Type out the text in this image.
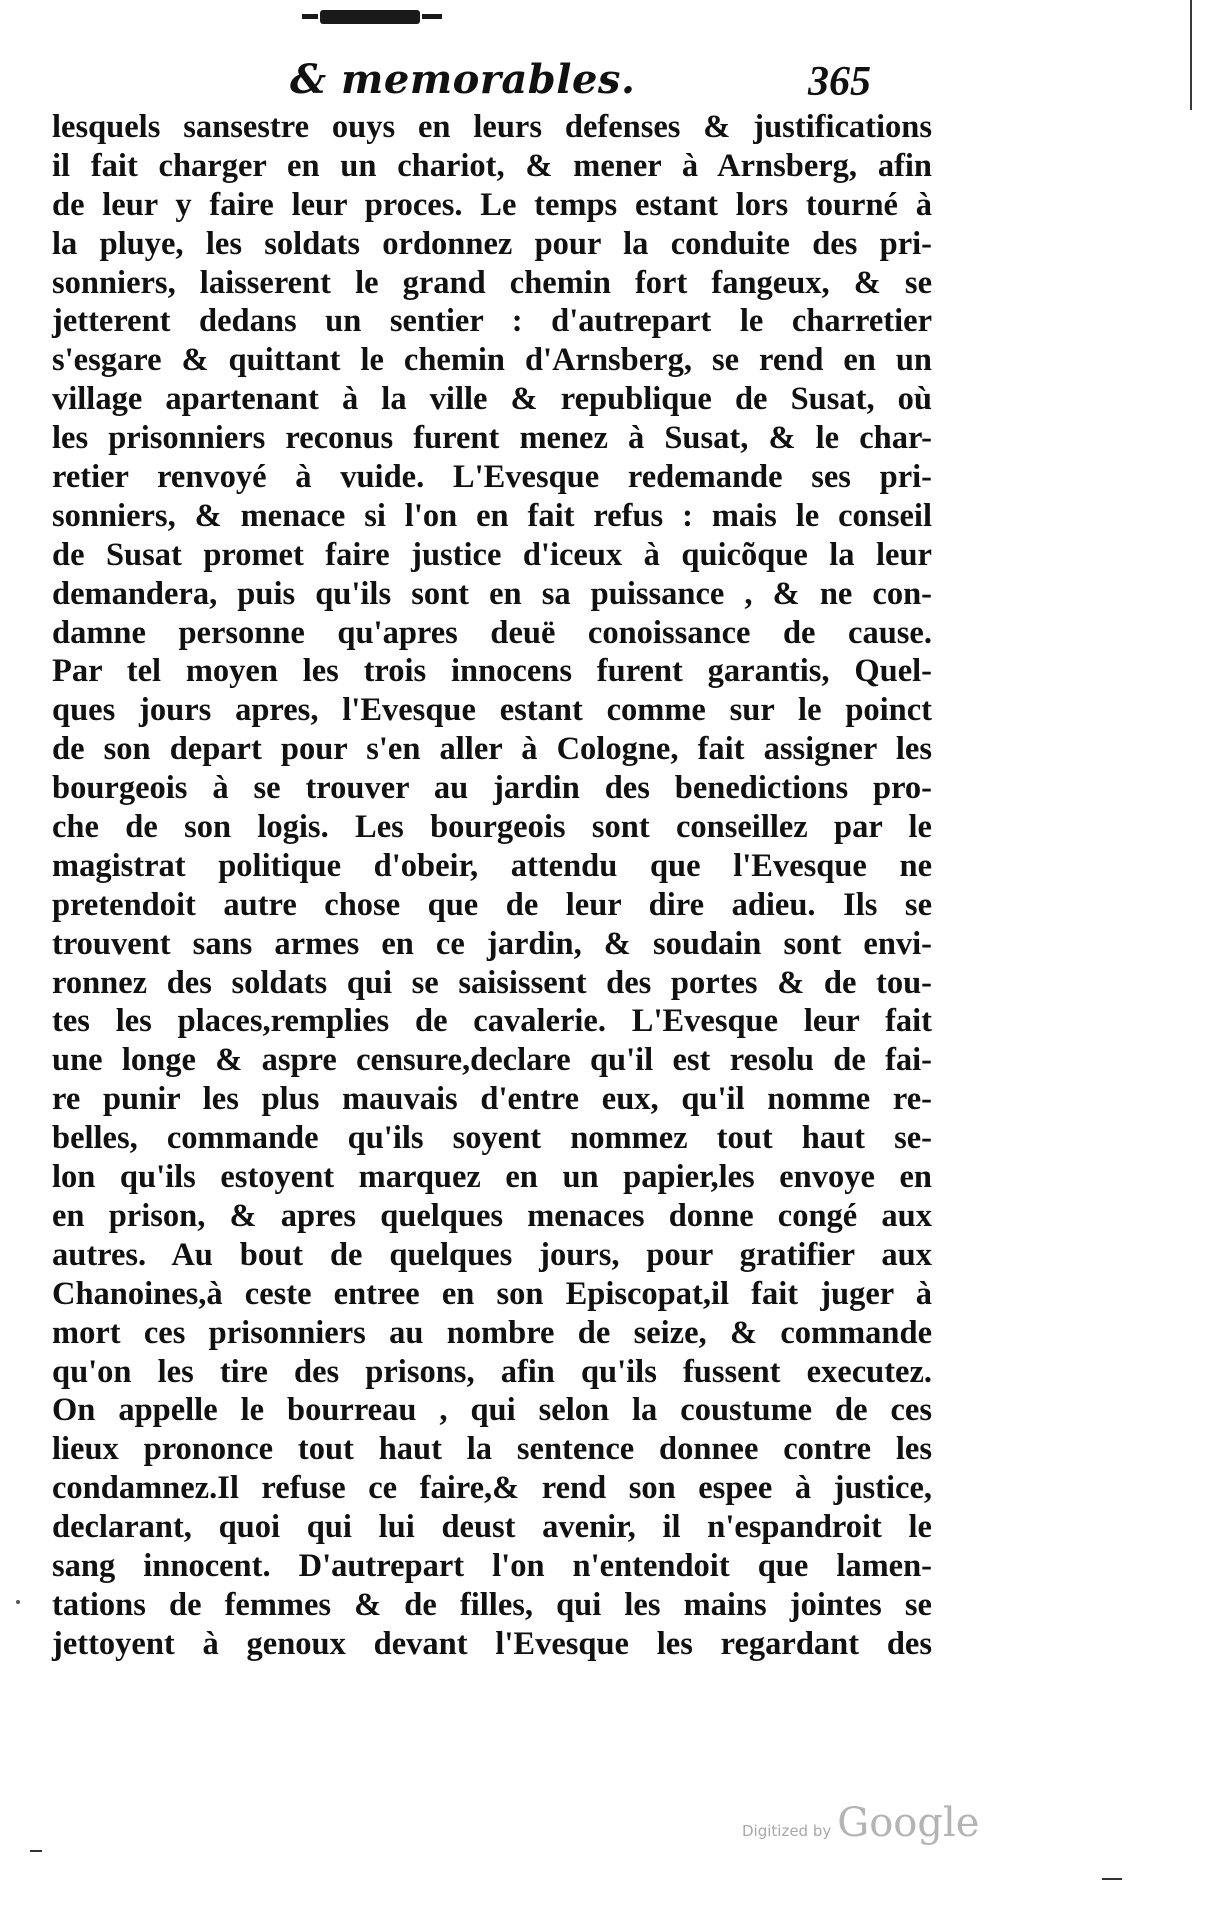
& memorables.	365
lesquels sansestre ouys en leurs defenses & justifications
il fait charger en un chariot, & mener à Arnsberg, afin
de leur y faire leur proces. Le temps estant lors tourné à
la pluye, les soldats ordonnez pour la conduite des pri-
sonniers, laisserent le grand chemin fort fangeux, & se
jetterent dedans un sentier : d'autrepart le charretier
s'esgare & quittant le chemin d'Arnsberg, se rend en un
village apartenant à la ville & republique de Susat, où
les prisonniers reconus furent menez à Susat, & le char-
retier renvoyé à vuide. L'Evesque redemande ses pri-
sonniers, & menace si l'on en fait refus : mais le conseil
de Susat promet faire justice d'iceux à quicõque la leur
demandera, puis qu'ils sont en sa puissance , & ne con-
damne personne qu'apres deuë conoissance de cause.
Par tel moyen les trois innocens furent garantis, Quel-
ques jours apres, l'Evesque estant comme sur le poinct
de son depart pour s'en aller à Cologne, fait assigner les
bourgeois à se trouver au jardin des benedictions pro-
che de son logis. Les bourgeois sont conseillez par le
magistrat politique d'obeir, attendu que l'Evesque ne
pretendoit autre chose que de leur dire adieu. Ils se
trouvent sans armes en ce jardin, & soudain sont envi-
ronnez des soldats qui se saisissent des portes & de tou-
tes les places,remplies de cavalerie. L'Evesque leur fait
une longe & aspre censure,declare qu'il est resolu de fai-
re punir les plus mauvais d'entre eux, qu'il nomme re-
belles, commande qu'ils soyent nommez tout haut se-
lon qu'ils estoyent marquez en un papier,les envoye en
en prison, & apres quelques menaces donne congé aux
autres. Au bout de quelques jours, pour gratifier aux
Chanoines,à ceste entree en son Episcopat,il fait juger à
mort ces prisonniers au nombre de seize, & commande
qu'on les tire des prisons, afin qu'ils fussent executez.
On appelle le bourreau , qui selon la coustume de ces
lieux prononce tout haut la sentence donnee contre les
condamnez.Il refuse ce faire,& rend son espee à justice,
declarant, quoi qui lui deust avenir, il n'espandroit le
sang innocent. D'autrepart l'on n'entendoit que lamen-
tations de femmes & de filles, qui les mains jointes se
jettoyent à genoux devant l'Evesque les regardant des
Digitized by Google
